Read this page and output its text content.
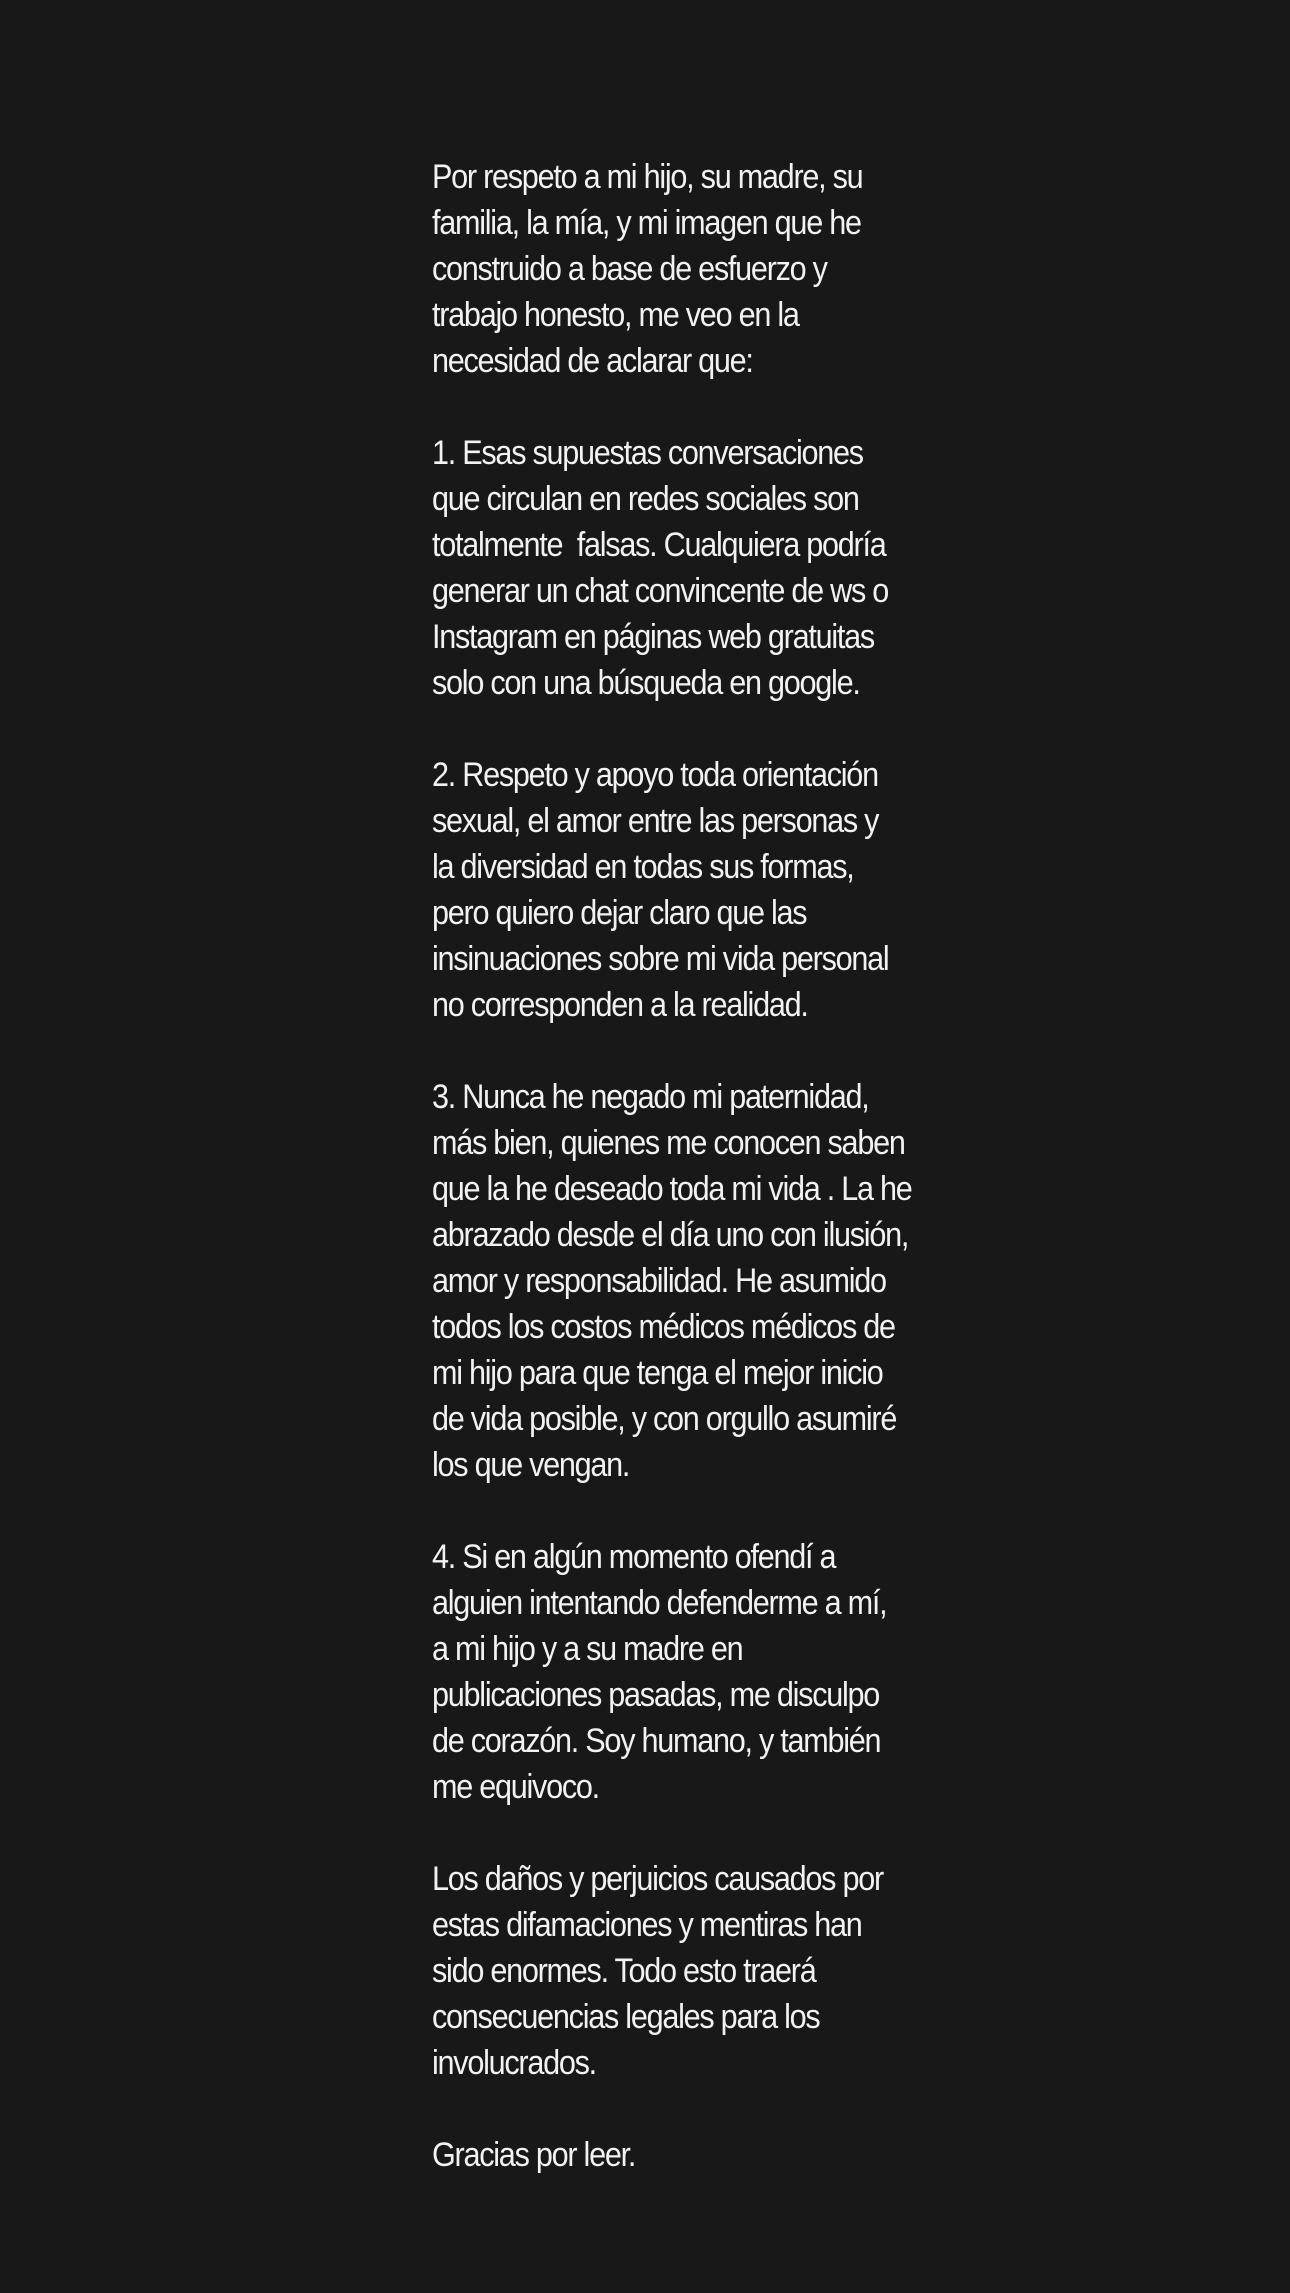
Por respeto a mi hijo, su madre, su
familia, la mía, y mi imagen que he
construido a base de esfuerzo y
trabajo honesto, me veo en la
necesidad de aclarar que:

1. Esas supuestas conversaciones
que circulan en redes sociales son
totalmente  falsas. Cualquiera podría
generar un chat convincente de ws o
Instagram en páginas web gratuitas
solo con una búsqueda en google.

2. Respeto y apoyo toda orientación
sexual, el amor entre las personas y
la diversidad en todas sus formas,
pero quiero dejar claro que las
insinuaciones sobre mi vida personal
no corresponden a la realidad.

3. Nunca he negado mi paternidad,
más bien, quienes me conocen saben
que la he deseado toda mi vida . La he
abrazado desde el día uno con ilusión,
amor y responsabilidad. He asumido
todos los costos médicos médicos de
mi hijo para que tenga el mejor inicio
de vida posible, y con orgullo asumiré
los que vengan.

4. Si en algún momento ofendí a
alguien intentando defenderme a mí,
a mi hijo y a su madre en
publicaciones pasadas, me disculpo
de corazón. Soy humano, y también
me equivoco.

Los daños y perjuicios causados por
estas difamaciones y mentiras han
sido enormes. Todo esto traerá
consecuencias legales para los
involucrados.

Gracias por leer.
